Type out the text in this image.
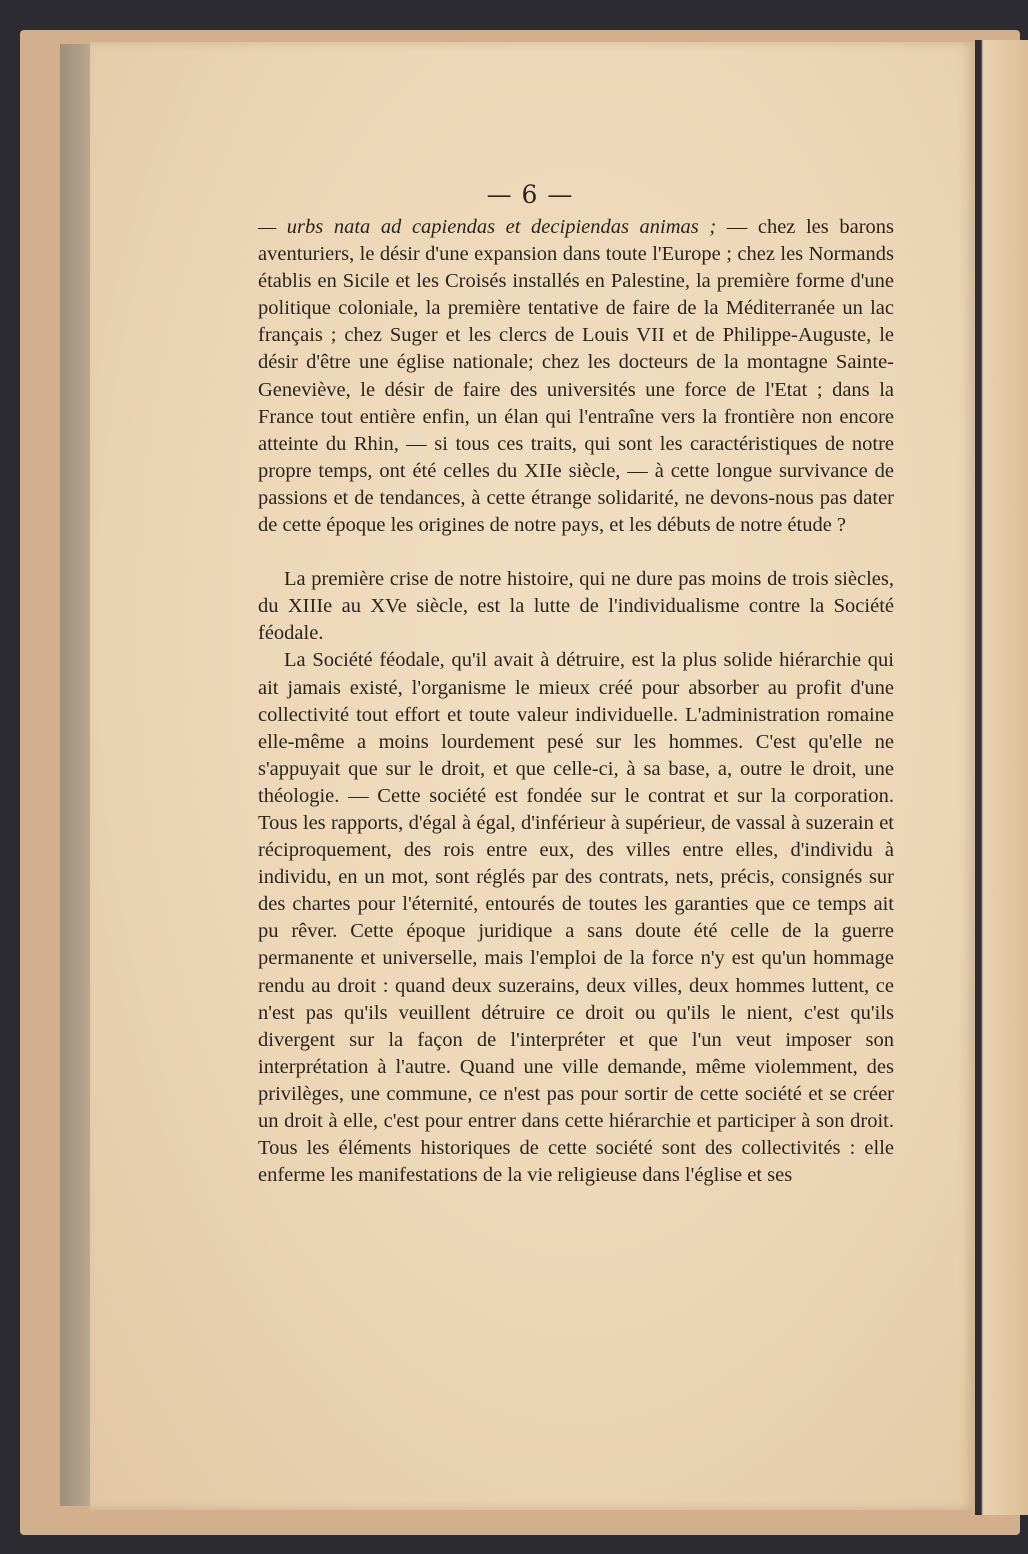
— 6 —

— urbs nata ad capiendas et decipiendas animas ; — chez les barons aventuriers, le désir d'une expansion dans toute l'Europe ; chez les Normands établis en Sicile et les Croisés installés en Palestine, la première forme d'une politique coloniale, la première tentative de faire de la Méditerranée un lac français ; chez Suger et les clercs de Louis VII et de Philippe-Auguste, le désir d'être une église nationale; chez les docteurs de la montagne Sainte-Geneviève, le désir de faire des universités une force de l'Etat ; dans la France tout entière enfin, un élan qui l'entraîne vers la frontière non encore atteinte du Rhin, — si tous ces traits, qui sont les caractéristiques de notre propre temps, ont été celles du XIIe siècle, — à cette longue survivance de passions et de tendances, à cette étrange solidarité, ne devons-nous pas dater de cette époque les origines de notre pays, et les débuts de notre étude ?

La première crise de notre histoire, qui ne dure pas moins de trois siècles, du XIIIe au XVe siècle, est la lutte de l'individualisme contre la Société féodale.

La Société féodale, qu'il avait à détruire, est la plus solide hiérarchie qui ait jamais existé, l'organisme le mieux créé pour absorber au profit d'une collectivité tout effort et toute valeur individuelle. L'administration romaine elle-même a moins lourdement pesé sur les hommes. C'est qu'elle ne s'appuyait que sur le droit, et que celle-ci, à sa base, a, outre le droit, une théologie. — Cette société est fondée sur le contrat et sur la corporation. Tous les rapports, d'égal à égal, d'inférieur à supérieur, de vassal à suzerain et réciproquement, des rois entre eux, des villes entre elles, d'individu à individu, en un mot, sont réglés par des contrats, nets, précis, consignés sur des chartes pour l'éternité, entourés de toutes les garanties que ce temps ait pu rêver. Cette époque juridique a sans doute été celle de la guerre permanente et universelle, mais l'emploi de la force n'y est qu'un hommage rendu au droit : quand deux suzerains, deux villes, deux hommes luttent, ce n'est pas qu'ils veuillent détruire ce droit ou qu'ils le nient, c'est qu'ils divergent sur la façon de l'interpréter et que l'un veut imposer son interprétation à l'autre. Quand une ville demande, même violemment, des privilèges, une commune, ce n'est pas pour sortir de cette société et se créer un droit à elle, c'est pour entrer dans cette hiérarchie et participer à son droit. Tous les éléments historiques de cette société sont des collectivités : elle enferme les manifestations de la vie religieuse dans l'église et ses
